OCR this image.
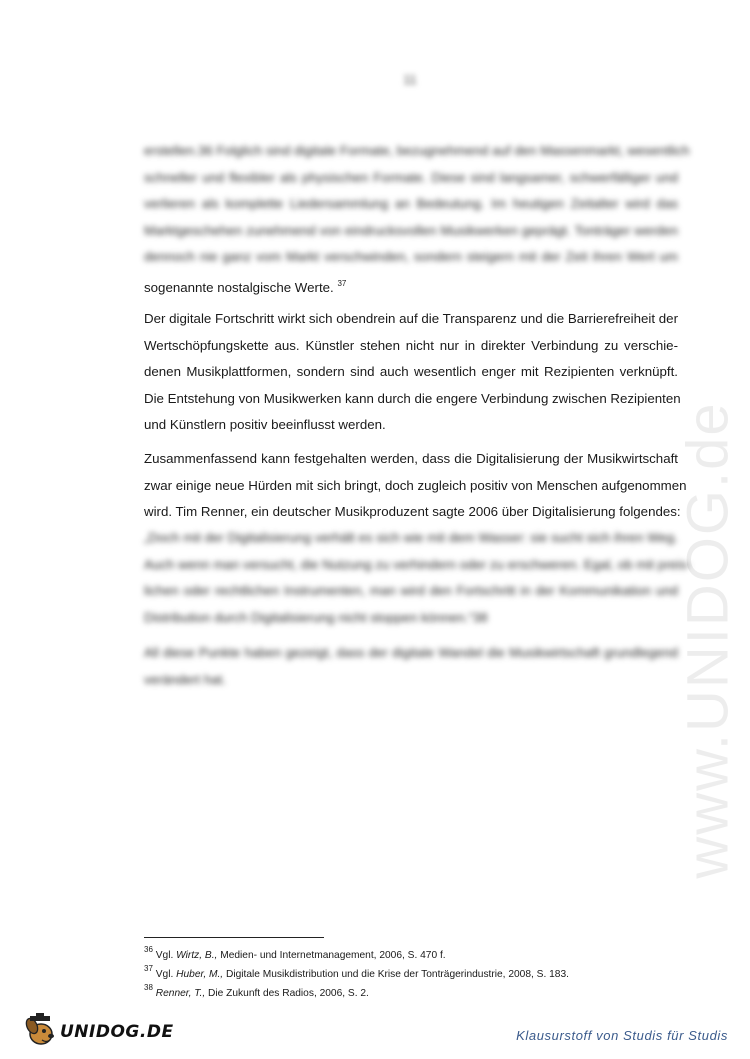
11
www.UNIDOG.de
erstellen.36 Folglich sind digitale Formate, bezugnehmend auf den Massenmarkt, wesentlich
schneller und flexibler als physischen Formate. Diese sind langsamer, schwerfälliger und
verlieren als komplette Liedersammlung an Bedeutung. Im heutigen Zeitalter wird das
Marktgeschehen zunehmend von eindrucksvollen Musikwerken geprägt. Tonträger werden
dennoch nie ganz vom Markt verschwinden, sondern steigern mit der Zeit ihren Wert um
sogenannte nostalgische Werte. $^{37}$
Der digitale Fortschritt wirkt sich obendrein auf die Transparenz und die Barrierefreiheit der
Wertschöpfungskette aus. Künstler stehen nicht nur in direkter Verbindung zu verschie-
denen Musikplattformen, sondern sind auch wesentlich enger mit Rezipienten verknüpft.
Die Entstehung von Musikwerken kann durch die engere Verbindung zwischen Rezipienten
und Künstlern positiv beeinflusst werden.
Zusammenfassend kann festgehalten werden, dass die Digitalisierung der Musikwirtschaft
zwar einige neue Hürden mit sich bringt, doch zugleich positiv von Menschen aufgenommen
wird. Tim Renner, ein deutscher Musikproduzent sagte 2006 über Digitalisierung folgendes:
„Doch mit der Digitalisierung verhält es sich wie mit dem Wasser: sie sucht sich ihren Weg.
Auch wenn man versucht, die Nutzung zu verhindern oder zu erschweren. Egal, ob mit preis-
lichen oder rechtlichen Instrumenten, man wird den Fortschritt in der Kommunikation und
Distribution durch Digitalisierung nicht stoppen können.“38
All diese Punkte haben gezeigt, dass der digitale Wandel die Musikwirtschaft grundlegend
verändert hat.
$^{36}$ Vgl. Wirtz, B., Medien- und Internetmanagement, 2006, S. 470 f.
$^{37}$ Vgl. Huber, M., Digitale Musikdistribution und die Krise der Tonträgerindustrie, 2008, S. 183.
$^{38}$ Renner, T., Die Zukunft des Radios, 2006, S. 2.
UNIDOG.DE	Klausurstoff von Studis für Studis
